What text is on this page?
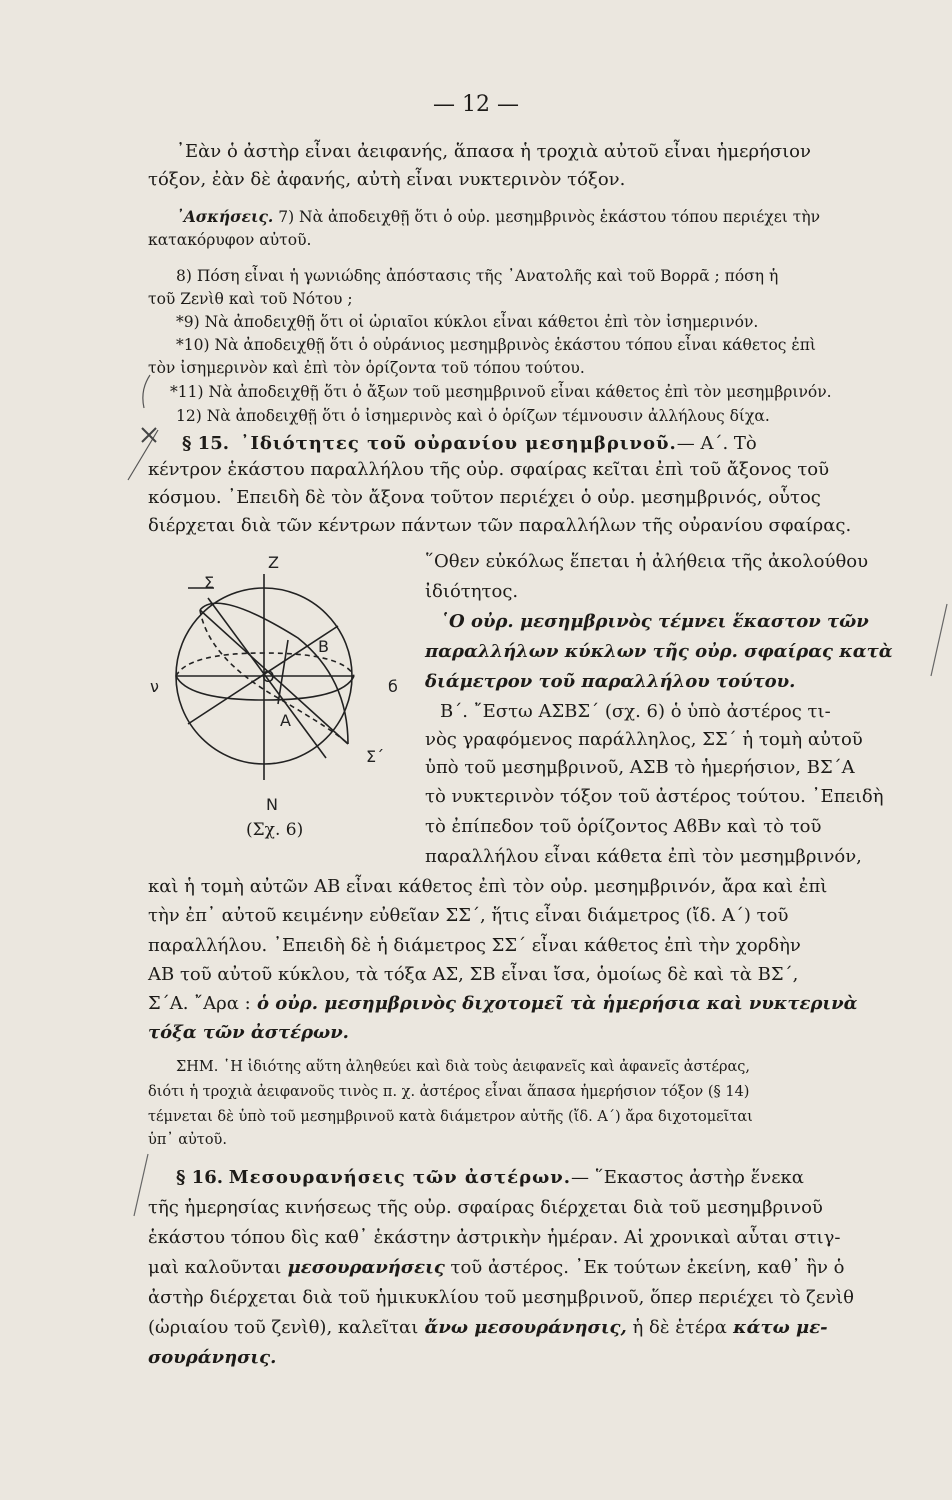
— 12 —
᾿Εὰν ὁ ἀστὴρ εἶναι ἀειφανής, ἅπασα ἡ τροχιὰ αὐτοῦ εἶναι ἡμερήσιον
τόξον, ἐὰν δὲ ἀφανής, αὐτὴ εἶναι νυκτερινὸν τόξον.
᾿Ασκήσεις. 7) Νὰ ἀποδειχθῇ ὅτι ὁ οὐρ. μεσημβρινὸς ἑκάστου τόπου περιέχει τὴν
κατακόρυφον αὐτοῦ.
8) Πόση εἶναι ἡ γωνιώδης ἀπόστασις τῆς ᾿Ανατολῆς καὶ τοῦ Βορρᾶ ; πόση ἡ
τοῦ Ζενὶθ καὶ τοῦ Νότου ;
*9) Νὰ ἀποδειχθῇ ὅτι οἱ ὡριαῖοι κύκλοι εἶναι κάθετοι ἐπὶ τὸν ἰσημερινόν.
*10) Νὰ ἀποδειχθῇ ὅτι ὁ οὐράνιος μεσημβρινὸς ἑκάστου τόπου εἶναι κάθετος ἐπὶ
τὸν ἰσημερινὸν καὶ ἐπὶ τὸν ὁρίζοντα τοῦ τόπου τούτου.
*11) Νὰ ἀποδειχθῇ ὅτι ὁ ἄξων τοῦ μεσημβρινοῦ εἶναι κάθετος ἐπὶ τὸν μεσημβρινόν.
12) Νὰ ἀποδειχθῇ ὅτι ὁ ἰσημερινὸς καὶ ὁ ὁρίζων τέμνουσιν ἀλλήλους δίχα.
§ 15. ᾿Ιδιότητες τοῦ οὐρανίου μεσημβρινοῦ.— Α΄. Τὸ
κέντρον ἑκάστου παραλλήλου τῆς οὐρ. σφαίρας κεῖται ἐπὶ τοῦ ἄξονος τοῦ
κόσμου. ᾿Επειδὴ δὲ τὸν ἄξονα τοῦτον περιέχει ὁ οὐρ. μεσημβρινός, οὗτος
διέρχεται διὰ τῶν κέντρων πάντων τῶν παραλλήλων τῆς οὐρανίου σφαίρας.
῞Οθεν εὐκόλως ἕπεται ἡ ἀλήθεια τῆς ἀκολούθου
ἰδιότητος.
῾Ο οὐρ. μεσημβρινὸς τέμνει ἕκαστον τῶν
παραλλήλων κύκλων τῆς οὐρ. σφαίρας κατὰ
διάμετρον τοῦ παραλλήλου τούτου.
Β΄. ῎Εστω ΑΣΒΣ΄ (σχ. 6) ὁ ὑπὸ ἀστέρος τι-
νὸς γραφόμενος παράλληλος, ΣΣ΄ ἡ τομὴ αὐτοῦ
ὑπὸ τοῦ μεσημβρινοῦ, ΑΣΒ τὸ ἡμερήσιον, ΒΣ΄Α
τὸ νυκτερινὸν τόξον τοῦ ἀστέρος τούτου. ᾿Επειδὴ
τὸ ἐπίπεδον τοῦ ὁρίζοντος ΑϐΒν καὶ τὸ τοῦ
παραλλήλου εἶναι κάθετα ἐπὶ τὸν μεσημβρινόν,
Z
Σ
B
O
A
Σ΄
N
ν	б
(Σχ. 6)
καὶ ἡ τομὴ αὐτῶν ΑΒ εἶναι κάθετος ἐπὶ τὸν οὐρ. μεσημβρινόν, ἄρα καὶ ἐπὶ
τὴν ἐπ᾿ αὐτοῦ κειμένην εὐθεῖαν ΣΣ΄, ἥτις εἶναι διάμετρος (ἴδ. Α΄) τοῦ
παραλλήλου. ᾿Επειδὴ δὲ ἡ διάμετρος ΣΣ΄ εἶναι κάθετος ἐπὶ τὴν χορδὴν
ΑΒ τοῦ αὐτοῦ κύκλου, τὰ τόξα ΑΣ, ΣΒ εἶναι ἴσα, ὁμοίως δὲ καὶ τὰ ΒΣ΄,
Σ΄Α. ῎Αρα : ὁ οὐρ. μεσημβρινὸς διχοτομεῖ τὰ ἡμερήσια καὶ νυκτερινὰ
τόξα τῶν ἀστέρων.
ΣΗΜ. ῾Η ἰδιότης αὕτη ἀληθεύει καὶ διὰ τοὺς ἀειφανεῖς καὶ ἀφανεῖς ἀστέρας,
διότι ἡ τροχιὰ ἀειφανοῦς τινὸς π. χ. ἀστέρος εἶναι ἅπασα ἡμερήσιον τόξον (§ 14)
τέμνεται δὲ ὑπὸ τοῦ μεσημβρινοῦ κατὰ διάμετρον αὐτῆς (ἴδ. Α΄) ἄρα διχοτομεῖται
ὑπ᾿ αὐτοῦ.
§ 16. Μεσουρανήσεις τῶν ἀστέρων.— ῞Εκαστος ἀστὴρ ἕνεκα
τῆς ἡμερησίας κινήσεως τῆς οὐρ. σφαίρας διέρχεται διὰ τοῦ μεσημβρινοῦ
ἑκάστου τόπου δὶς καθ᾿ ἑκάστην ἀστρικὴν ἡμέραν. Αἱ χρονικαὶ αὗται στιγ-
μαὶ καλοῦνται μεσουρανήσεις τοῦ ἀστέρος. ᾿Εκ τούτων ἐκείνη, καθ᾿ ἣν ὁ
ἀστὴρ διέρχεται διὰ τοῦ ἡμικυκλίου τοῦ μεσημβρινοῦ, ὅπερ περιέχει τὸ ζενὶθ
(ὡριαίου τοῦ ζενὶθ), καλεῖται ἄνω μεσουράνησις, ἡ δὲ ἑτέρα κάτω με-
σουράνησις.
